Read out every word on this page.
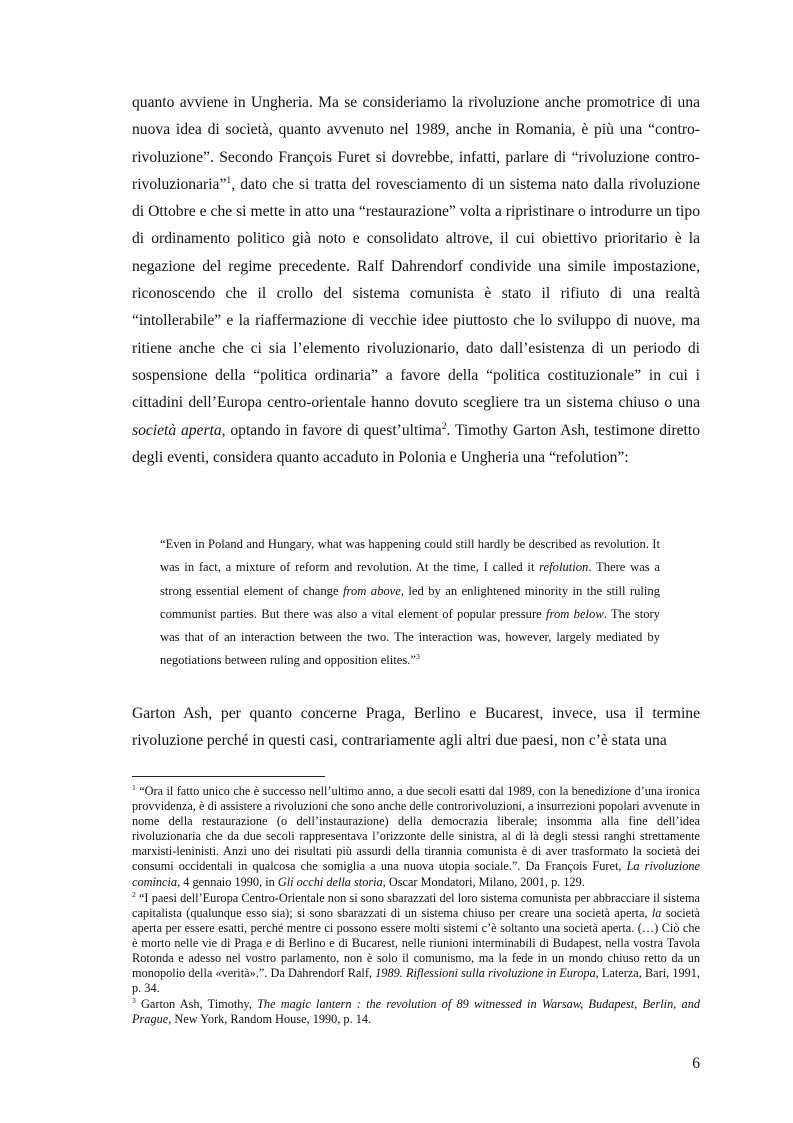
quanto avviene in Ungheria. Ma se consideriamo la rivoluzione anche promotrice di una nuova idea di società, quanto avvenuto nel 1989, anche in Romania, è più una “contro-rivoluzione”. Secondo François Furet si dovrebbe, infatti, parlare di “rivoluzione contro-rivoluzionaria”$^1$, dato che si tratta del rovesciamento di un sistema nato dalla rivoluzione di Ottobre e che si mette in atto una “restaurazione” volta a ripristinare o introdurre un tipo di ordinamento politico già noto e consolidato altrove, il cui obiettivo prioritario è la negazione del regime precedente. Ralf Dahrendorf condivide una simile impostazione, riconoscendo che il crollo del sistema comunista è stato il rifiuto di una realtà “intollerabile” e la riaffermazione di vecchie idee piuttosto che lo sviluppo di nuove, ma ritiene anche che ci sia l’elemento rivoluzionario, dato dall’esistenza di un periodo di sospensione della “politica ordinaria” a favore della “politica costituzionale” in cui i cittadini dell’Europa centro-orientale hanno dovuto scegliere tra un sistema chiuso o una società aperta, optando in favore di quest’ultima$^2$. Timothy Garton Ash, testimone diretto degli eventi, considera quanto accaduto in Polonia e Ungheria una “refolution”:

“Even in Poland and Hungary, what was happening could still hardly be described as revolution. It was in fact, a mixture of reform and revolution. At the time, I called it refolution. There was a strong essential element of change from above, led by an enlightened minority in the still ruling communist parties. But there was also a vital element of popular pressure from below. The story was that of an interaction between the two. The interaction was, however, largely mediated by negotiations between ruling and opposition elites.”$^3$

Garton Ash, per quanto concerne Praga, Berlino e Bucarest, invece, usa il termine rivoluzione perché in questi casi, contrariamente agli altri due paesi, non c’è stata una

$^1$ “Ora il fatto unico che è successo nell’ultimo anno, a due secoli esatti dal 1989, con la benedizione d’una ironica provvidenza, è di assistere a rivoluzioni che sono anche delle controrivoluzioni, a insurrezioni popolari avvenute in nome della restaurazione (o dell’instaurazione) della democrazia liberale; insomma alla fine dell’idea rivoluzionaria che da due secoli rappresentava l’orizzonte delle sinistra, al di là degli stessi ranghi strettamente marxisti-leninisti. Anzi uno dei risultati più assurdi della tirannia comunista è di aver trasformato la società dei consumi occidentali in qualcosa che somiglia a una nuova utopia sociale.”. Da François Furet, La rivoluzione comincia, 4 gennaio 1990, in Gli occhi della storia, Oscar Mondatori, Milano, 2001, p. 129.

$^2$ “I paesi dell’Europa Centro-Orientale non si sono sbarazzati del loro sistema comunista per abbracciare il sistema capitalista (qualunque esso sia); si sono sbarazzati di un sistema chiuso per creare una società aperta, la società aperta per essere esatti, perché mentre ci possono essere molti sistemi c’è soltanto una società aperta. (…) Ciò che è morto nelle vie di Praga e di Berlino e di Bucarest, nelle riunioni interminabili di Budapest, nella vostra Tavola Rotonda e adesso nel vostro parlamento, non è solo il comunismo, ma la fede in un mondo chiuso retto da un monopolio della «verità».”. Da Dahrendorf Ralf, 1989. Riflessioni sulla rivoluzione in Europa, Laterza, Bari, 1991, p. 34.

$^3$ Garton Ash, Timothy, The magic lantern : the revolution of 89 witnessed in Warsaw, Budapest, Berlin, and Prague, New York, Random House, 1990, p. 14.

6
